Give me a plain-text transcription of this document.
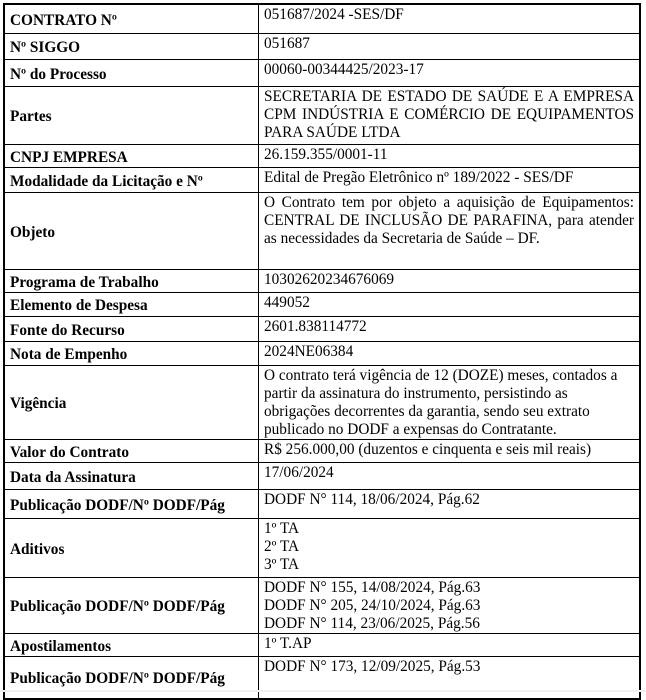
CONTRATO Nº	051687/2024 -SES/DF

Nº SIGGO	051687

Nº do Processo	00060-00344425/2023-17

Partes	SECRETARIA DE ESTADO DE SAÚDE E A EMPRESA CPM INDÚSTRIA E COMÉRCIO DE EQUIPAMENTOS PARA SAÚDE LTDA

CNPJ EMPRESA	26.159.355/0001-11

Modalidade da Licitação e Nº	Edital de Pregão Eletrônico nº 189/2022 - SES/DF

Objeto	O Contrato tem por objeto a aquisição de Equipamentos: CENTRAL DE INCLUSÃO DE PARAFINA, para atender as necessidades da Secretaria de Saúde – DF.

Programa de Trabalho	10302620234676069

Elemento de Despesa	449052

Fonte do Recurso	2601.838114772

Nota de Empenho	2024NE06384

Vigência	O contrato terá vigência de 12 (DOZE) meses, contados a partir da assinatura do instrumento, persistindo as obrigações decorrentes da garantia, sendo seu extrato publicado no DODF a expensas do Contratante.

Valor do Contrato	R$ 256.000,00 (duzentos e cinquenta e seis mil reais)

Data da Assinatura	17/06/2024

Publicação DODF/Nº DODF/Pág	DODF N° 114, 18/06/2024, Pág.62

Aditivos	1º TA
2º TA
3º TA

Publicação DODF/Nº DODF/Pág	DODF N° 155, 14/08/2024, Pág.63
DODF N° 205, 24/10/2024, Pág.63
DODF N° 114, 23/06/2025, Pág.56

Apostilamentos	1º T.AP

Publicação DODF/Nº DODF/Pág	DODF N° 173, 12/09/2025, Pág.53
